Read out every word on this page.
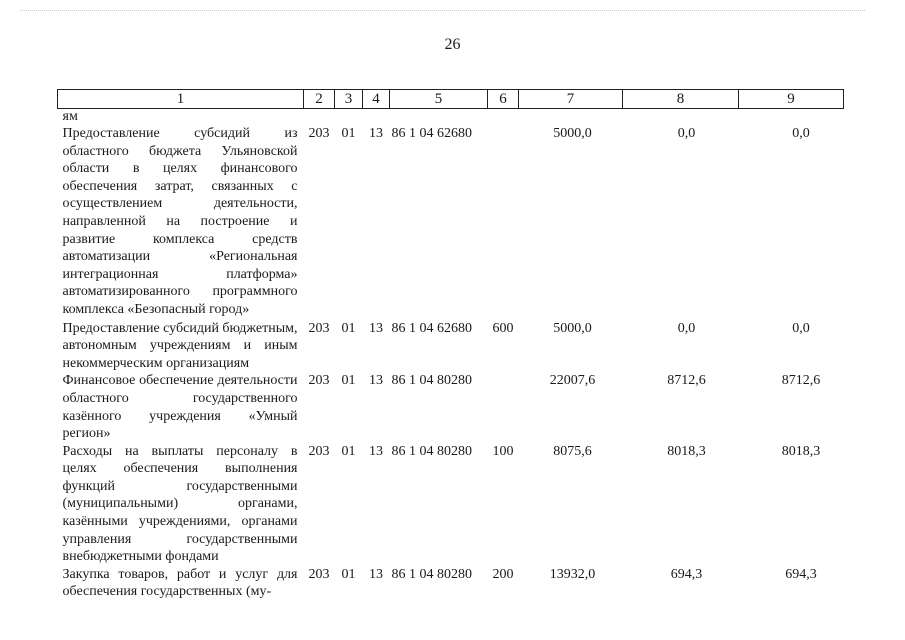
26
1	2	3	4	5	6	7	8	9
ям								
Предоставление субсидий из областного бюджета Ульяновской области в целях финансового обеспечения затрат, связанных с осуществлением деятельности, направленной на построение и развитие комплекса средств автоматизации «Региональная интеграционная платформа» автоматизированного программного комплекса «Безопасный город»	203	01	13	86 1 04 62680		5000,0	0,0	0,0
Предоставление субсидий бюджетным, автономным учреждениям и иным некоммерческим организациям	203	01	13	86 1 04 62680	600	5000,0	0,0	0,0
Финансовое обеспечение деятельности областного государственного казённого учреждения «Умный регион»	203	01	13	86 1 04 80280		22007,6	8712,6	8712,6
Расходы на выплаты персоналу в целях обеспечения выполнения функций государственными (муниципальными) органами, казёнными учреждениями, органами управления государственными внебюджетными фондами	203	01	13	86 1 04 80280	100	8075,6	8018,3	8018,3
Закупка товаров, работ и услуг для обеспечения государственных (му-	203	01	13	86 1 04 80280	200	13932,0	694,3	694,3
